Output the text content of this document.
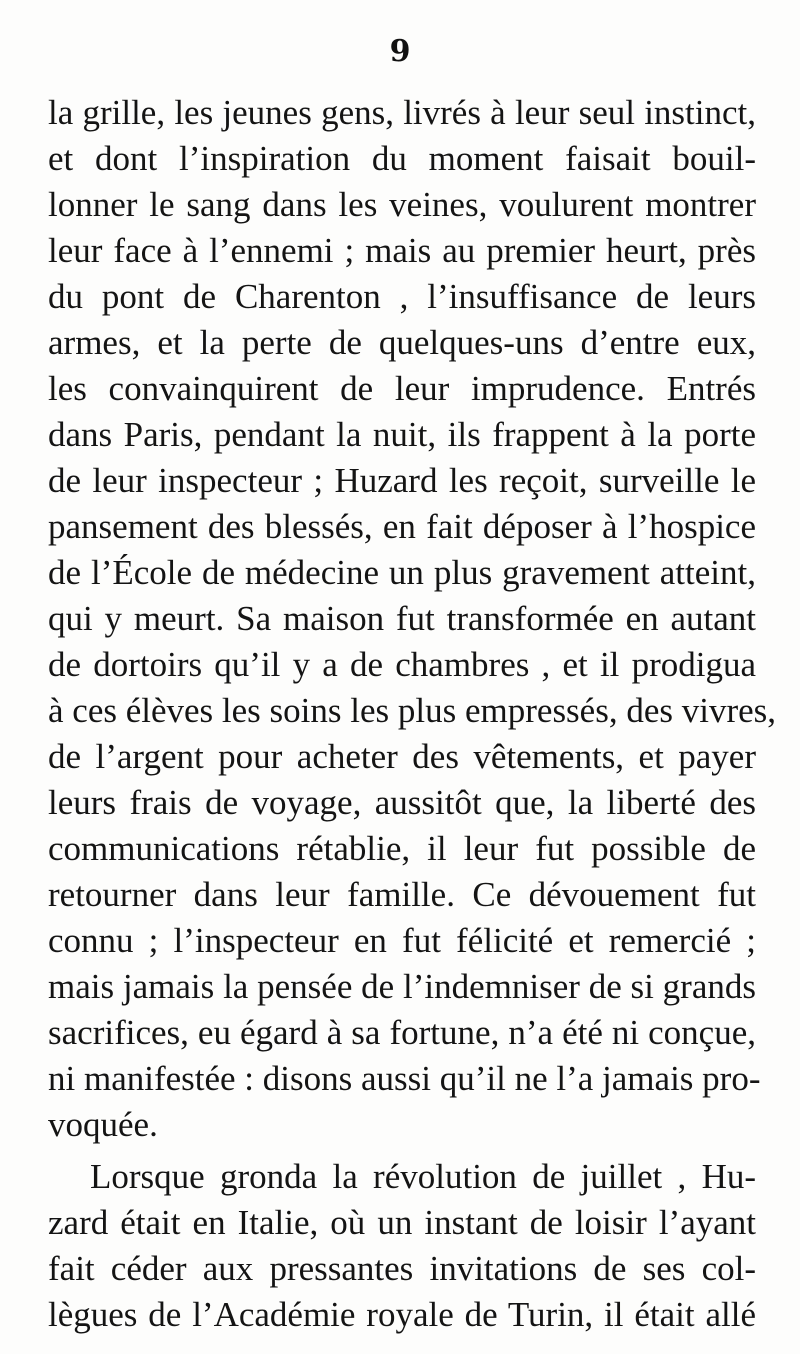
9
la grille, les jeunes gens, livrés à leur seul instinct,
et dont l’inspiration du moment faisait bouil-
lonner le sang dans les veines, voulurent montrer
leur face à l’ennemi ; mais au premier heurt, près
du pont de Charenton , l’insuffisance de leurs
armes, et la perte de quelques-uns d’entre eux,
les convainquirent de leur imprudence. Entrés
dans Paris, pendant la nuit, ils frappent à la porte
de leur inspecteur ; Huzard les reçoit, surveille le
pansement des blessés, en fait déposer à l’hospice
de l’École de médecine un plus gravement atteint,
qui y meurt. Sa maison fut transformée en autant
de dortoirs qu’il y a de chambres , et il prodigua
à ces élèves les soins les plus empressés, des vivres,
de l’argent pour acheter des vêtements, et payer
leurs frais de voyage, aussitôt que, la liberté des
communications rétablie, il leur fut possible de
retourner dans leur famille. Ce dévouement fut
connu ; l’inspecteur en fut félicité et remercié ;
mais jamais la pensée de l’indemniser de si grands
sacrifices, eu égard à sa fortune, n’a été ni conçue,
ni manifestée : disons aussi qu’il ne l’a jamais pro-
voquée.
Lorsque gronda la révolution de juillet , Hu-
zard était en Italie, où un instant de loisir l’ayant
fait céder aux pressantes invitations de ses col-
lègues de l’Académie royale de Turin, il était allé
